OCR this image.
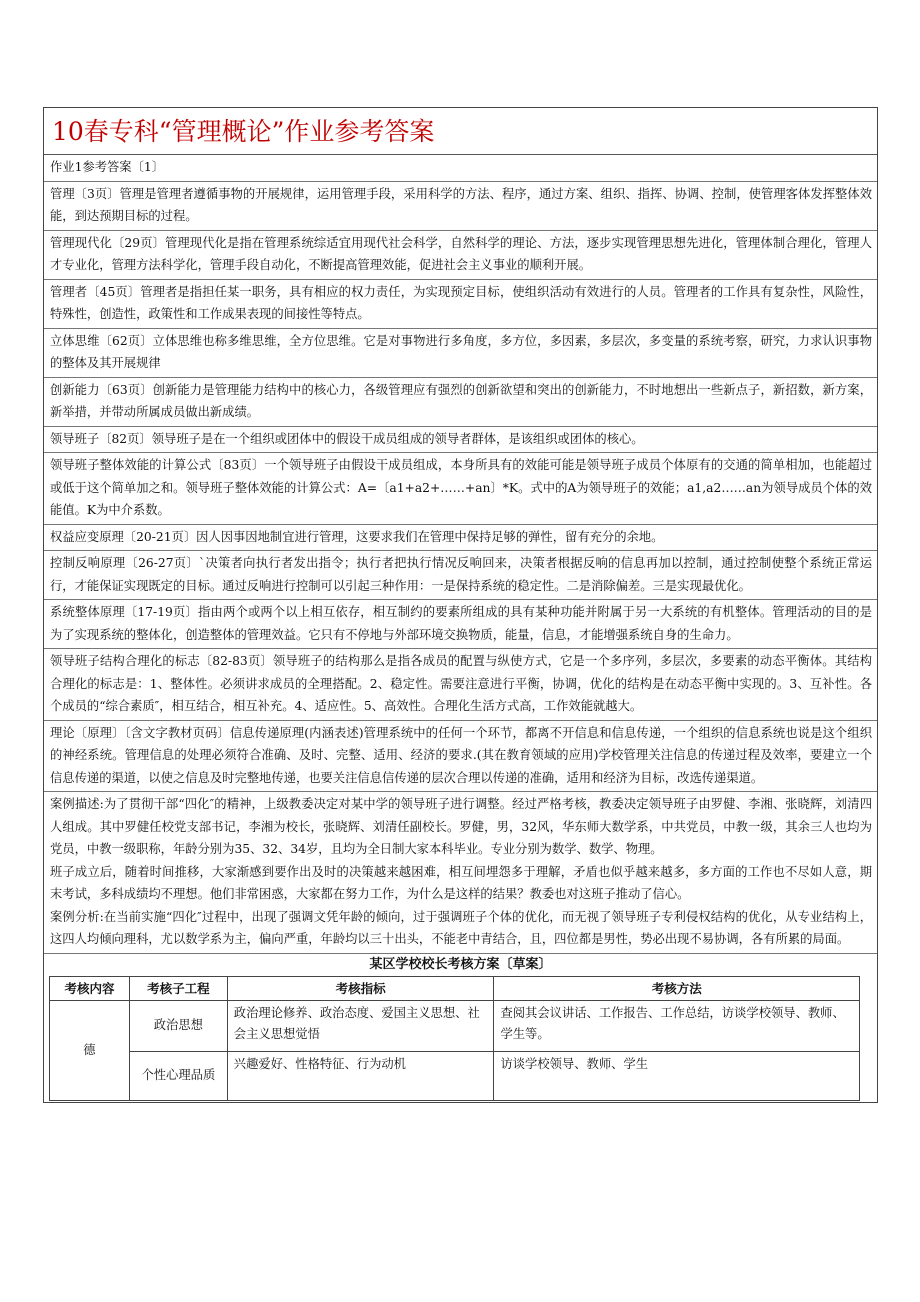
10春专科“管理概论”作业参考答案
作业1参考答案〔1〕
管理〔3页〕管理是管理者遵循事物的开展规律，运用管理手段，采用科学的方法、程序，通过方案、组织、指挥、协调、控制，使管理客体发挥整体效能，到达预期目标的过程。
管理现代化〔29页〕管理现代化是指在管理系统综适宜用现代社会科学，自然科学的理论、方法，逐步实现管理思想先进化，管理体制合理化，管理人才专业化，管理方法科学化，管理手段自动化，不断提高管理效能，促进社会主义事业的顺利开展。
管理者〔45页〕管理者是指担任某一职务，具有相应的权力责任，为实现预定目标，使组织活动有效进行的人员。管理者的工作具有复杂性，风险性，特殊性，创造性，政策性和工作成果表现的间接性等特点。
立体思维〔62页〕立体思维也称多维思维，全方位思维。它是对事物进行多角度，多方位，多因素，多层次，多变量的系统考察，研究，力求认识事物的整体及其开展规律
创新能力〔63页〕创新能力是管理能力结构中的核心力，各级管理应有强烈的创新欲望和突出的创新能力，不时地想出一些新点子，新招数，新方案，新举措，并带动所属成员做出新成绩。
领导班子〔82页〕领导班子是在一个组织或团体中的假设干成员组成的领导者群体，是该组织或团体的核心。
领导班子整体效能的计算公式〔83页〕一个领导班子由假设干成员组成，本身所具有的效能可能是领导班子成员个体原有的交通的简单相加，也能超过或低于这个简单加之和。领导班子整体效能的计算公式：A=〔a1+a2+……+an〕*K。式中的A为领导班子的效能；a1,a2……an为领导成员个体的效能值。K为中介系数。
权益应变原理〔20-21页〕因人因事因地制宜进行管理，这要求我们在管理中保持足够的弹性，留有充分的余地。
控制反响原理〔26-27页〕`决策者向执行者发出指令；执行者把执行情况反响回来，决策者根据反响的信息再加以控制，通过控制使整个系统正常运行，才能保证实现既定的目标。通过反响进行控制可以引起三种作用：一是保持系统的稳定性。二是消除偏差。三是实现最优化。
系统整体原理〔17-19页〕指由两个或两个以上相互依存，相互制约的要素所组成的具有某种功能并附属于另一大系统的有机整体。管理活动的目的是为了实现系统的整体化，创造整体的管理效益。它只有不停地与外部环境交换物质，能量，信息，才能增强系统自身的生命力。
领导班子结构合理化的标志〔82-83页〕领导班子的结构那么是指各成员的配置与纵使方式，它是一个多序列，多层次，多要素的动态平衡体。其结构合理化的标志是：1、整体性。必须讲求成员的全理搭配。2、稳定性。需要注意进行平衡，协调，优化的结构是在动态平衡中实现的。3、互补性。各个成员的“综合素质″，相互结合，相互补充。4、适应性。5、高效性。合理化生活方式高，工作效能就越大。
理论〔原理〕〔含文字教材页码〕信息传递原理(内涵表述)管理系统中的任何一个环节，都离不开信息和信息传递，一个组织的信息系统也说是这个组织的神经系统。管理信息的处理必须符合准确、及时、完整、适用、经济的要求.(其在教育领域的应用)学校管理关注信息的传递过程及效率，要建立一个信息传递的渠道，以使之信息及时完整地传递，也要关注信息信传递的层次合理以传递的准确，适用和经济为目标，改选传递渠道。

案例描述:为了贯彻干部“四化″的精神，上级教委决定对某中学的领导班子进行调整。经过严格考核，教委决定领导班子由罗健、李湘、张晓辉，刘清四人组成。其中罗健任校党支部书记，李湘为校长，张晓辉、刘清任副校长。罗健，男，32风，华东师大数学系，中共党员，中教一级，其余三人也均为党员，中教一级职称，年龄分别为35、32、34岁，且均为全日制大家本科毕业。专业分别为数学、数学、物理。

班子成立后，随着时间推移，大家渐感到要作出及时的决策越来越困难，相互间埋怨多于理解，矛盾也似乎越来越多，多方面的工作也不尽如人意，期末考试，多科成绩均不理想。他们非常困惑，大家都在努力工作，为什么是这样的结果？教委也对这班子推动了信心。

案例分析:在当前实施“四化″过程中，出现了强调文凭年龄的倾向，过于强调班子个体的优化，而无视了领导班子专利侵权结构的优化，从专业结构上，这四人均倾向理科，尤以数学系为主，偏向严重，年龄均以三十出头，不能老中青结合，且，四位都是男性，势必出现不易协调，各有所累的局面。

某区学校校长考核方案〔草案〕
考核内容	考核子工程	考核指标	考核方法
德	政治思想	政治理论修养、政治态度、爱国主义思想、社会主义思想觉悟	查阅其会议讲话、工作报告、工作总结，访谈学校领导、教师、学生等。
	个性心理品质	兴趣爱好、性格特征、行为动机	访谈学校领导、教师、学生
